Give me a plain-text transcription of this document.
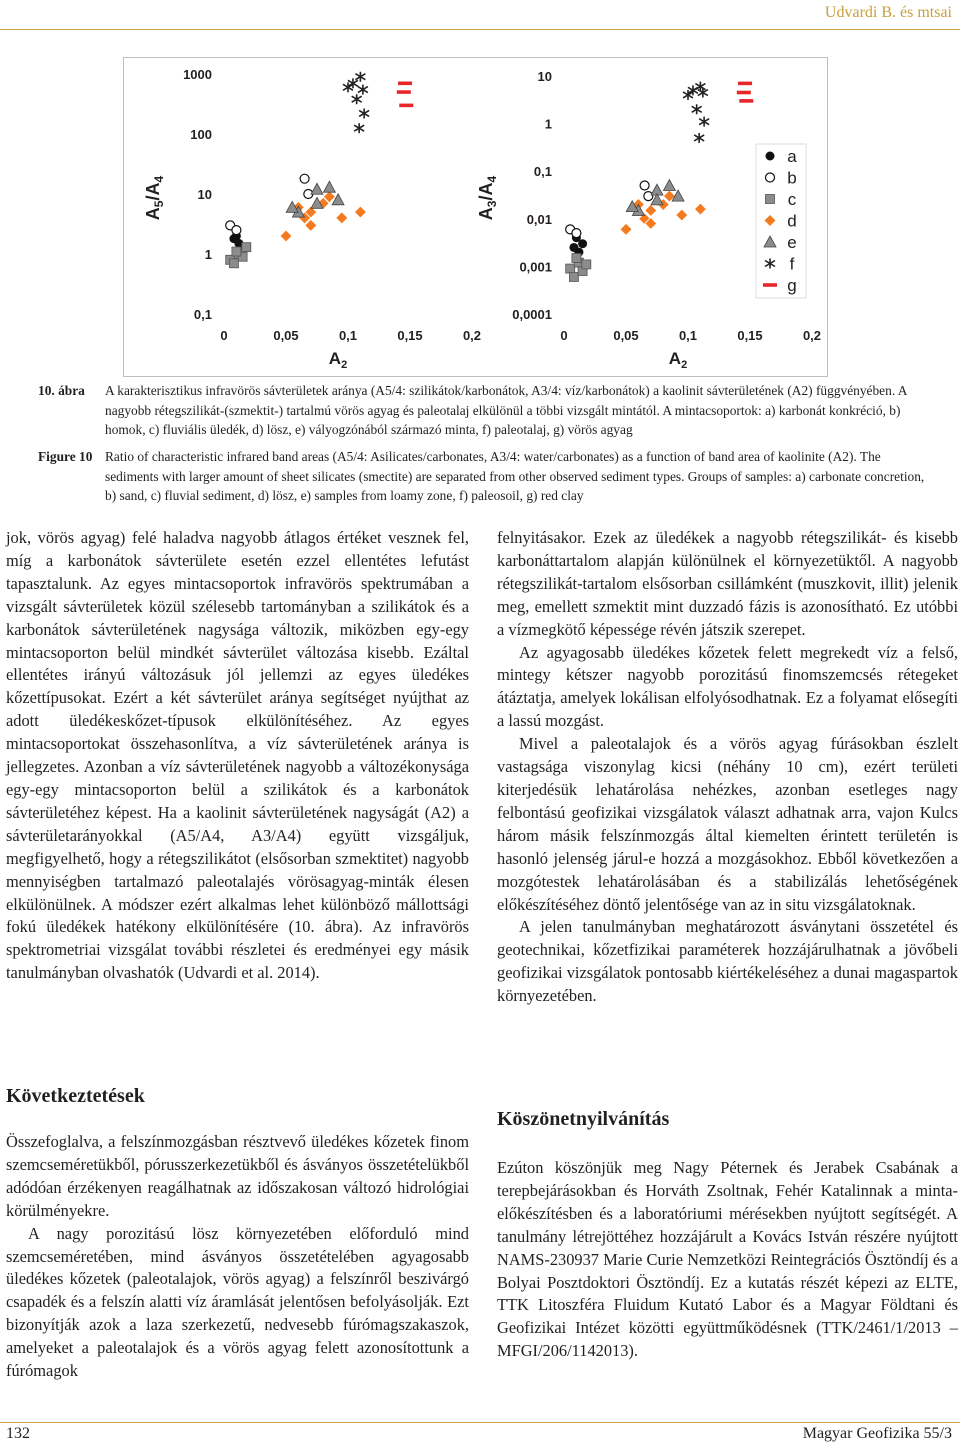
Udvardi B. és mtsai
0,1
1
10
100
1000
0	0,05	0,1	0,15	0,2
$A_2$
$A_5/A_4$
0,0001
0,001
0,01
0,1
1
10
0	0,05	0,1	0,15	0,2
$A_2$
$A_3/A_4$
a
b
c
d
e
f
g
10. ábra	A karakterisztikus infravörös sávterületek aránya (A5/4: szilikátok/karbonátok, A3/4: víz/karbonátok) a kaolinit sávterületének (A2) függvényében. A nagyobb rétegszilikát-(szmektit-) tartalmú vörös agyag és paleotalaj elkülönül a többi vizsgált mintától. A mintacsoportok: a) karbonát konkréció, b) homok, c) fluviális üledék, d) lösz, e) vályogzónából származó minta, f) paleotalaj, g) vörös agyag
Figure 10 Ratio of characteristic infrared band areas (A5/4: Asilicates/carbonates, A3/4: water/carbonates) as a function of band area of kaolinite (A2). The sediments with larger amount of sheet silicates (smectite) are separated from other observed sediment types. Groups of samples: a) carbonate concretion, b) sand, c) fluvial sediment, d) lösz, e) samples from loamy zone, f) paleosoil, g) red clay

jok, vörös agyag) felé haladva nagyobb átlagos értéket vesznek fel, míg a karbonátok sávterülete esetén ezzel ellentétes lefutást tapasztalunk. Az egyes mintacsoportok infravörös spektrumában a vizsgált sávterületek közül szélesebb tartományban a szilikátok és a karbonátok sávterületének nagysága változik, miközben egy-egy mintacsoporton belül mindkét sávterület változása kisebb. Ezáltal ellentétes irányú változásuk jól jellemzi az egyes üledékes kőzettípusokat. Ezért a két sávterület aránya segítséget nyújthat az adott üledékeskőzet-típusok elkülönítéséhez. Az egyes mintacsoportokat összehasonlítva, a víz sávterületének aránya is jellegzetes. Azonban a víz sávterületének nagyobb a változékonysága egy-egy mintacsoporton belül a szilikátok és a karbonátok sávterületéhez képest. Ha a kaolinit sávterületének nagyságát (A2) a sávterületarányokkal (A5/A4, A3/A4) együtt vizsgáljuk, megfigyelhető, hogy a rétegszilikátot (elsősorban szmektitet) nagyobb mennyiségben tartalmazó paleotalajés vörösagyag-minták élesen elkülönülnek. A módszer ezért alkalmas lehet különböző mállottsági fokú üledékek hatékony elkülönítésére (10. ábra). Az infravörös spektrometriai vizsgálat további részletei és eredményei egy másik tanulmányban olvashatók (Udvardi et al. 2014).

felnyitásakor. Ezek az üledékek a nagyobb rétegszilikát- és kisebb karbonáttartalom alapján különülnek el környezetüktől. A nagyobb rétegszilikát-tartalom elsősorban csillámként (muszkovit, illit) jelenik meg, emellett szmektit mint duzzadó fázis is azonosítható. Ez utóbbi a vízmegkötő képessége révén játszik szerepet.

Az agyagosabb üledékes kőzetek felett megrekedt víz a felső, mintegy kétszer nagyobb porozitású finomszemcsés rétegeket átáztatja, amelyek lokálisan elfolyósodhatnak. Ez a folyamat elősegíti a lassú mozgást.

Mivel a paleotalajok és a vörös agyag fúrásokban észlelt vastagsága viszonylag kicsi (néhány 10 cm), ezért területi kiterjedésük lehatárolása nehézkes, azonban esetleges nagy felbontású geofizikai vizsgálatok választ adhatnak arra, vajon Kulcs három másik felszínmozgás által kiemelten érintett területén is hasonló jelenség járul-e hozzá a mozgásokhoz. Ebből következően a mozgótestek lehatárolásában és a stabilizálás lehetőségének előkészítéséhez döntő jelentősége van az in situ vizsgálatoknak.

A jelen tanulmányban meghatározott ásványtani összetétel és geotechnikai, kőzetfizikai paraméterek hozzájárulhatnak a jövőbeli geofizikai vizsgálatok pontosabb kiértékeléséhez a dunai magaspartok környezetében.

Következtetések

Összefoglalva, a felszínmozgásban résztvevő üledékes kőzetek finom szemcseméretükből, pórusszerkezetükből és ásványos összetételükből adódóan érzékenyen reagálhatnak az időszakosan változó hidrológiai körülményekre.

A nagy porozitású lösz környezetében előforduló mind szemcseméretében, mind ásványos összetételében agyagosabb üledékes kőzetek (paleotalajok, vörös agyag) a felszínről beszivárgó csapadék és a felszín alatti víz áramlását jelentősen befolyásolják. Ezt bizonyítják azok a laza szerkezetű, nedvesebb fúrómagszakaszok, amelyeket a paleotalajok és a vörös agyag felett azonosítottunk a fúrómagok

Köszönetnyilvánítás

Ezúton köszönjük meg Nagy Péternek és Jerabek Csabának a terepbejárásokban és Horváth Zsoltnak, Fehér Katalinnak a minta-előkészítésben és a laboratóriumi mérésekben nyújtott segítségét. A tanulmány létrejöttéhez hozzájárult a Kovács István részére nyújtott NAMS-230937 Marie Curie Nemzetközi Reintegrációs Ösztöndíj és a Bolyai Posztdoktori Ösztöndíj. Ez a kutatás részét képezi az ELTE, TTK Litoszféra Fluidum Kutató Labor és a Magyar Földtani és Geofizikai Intézet közötti együttműködésnek (TTK/2461/1/2013 – MFGI/206/1142013).

132	Magyar Geofizika 55/3
